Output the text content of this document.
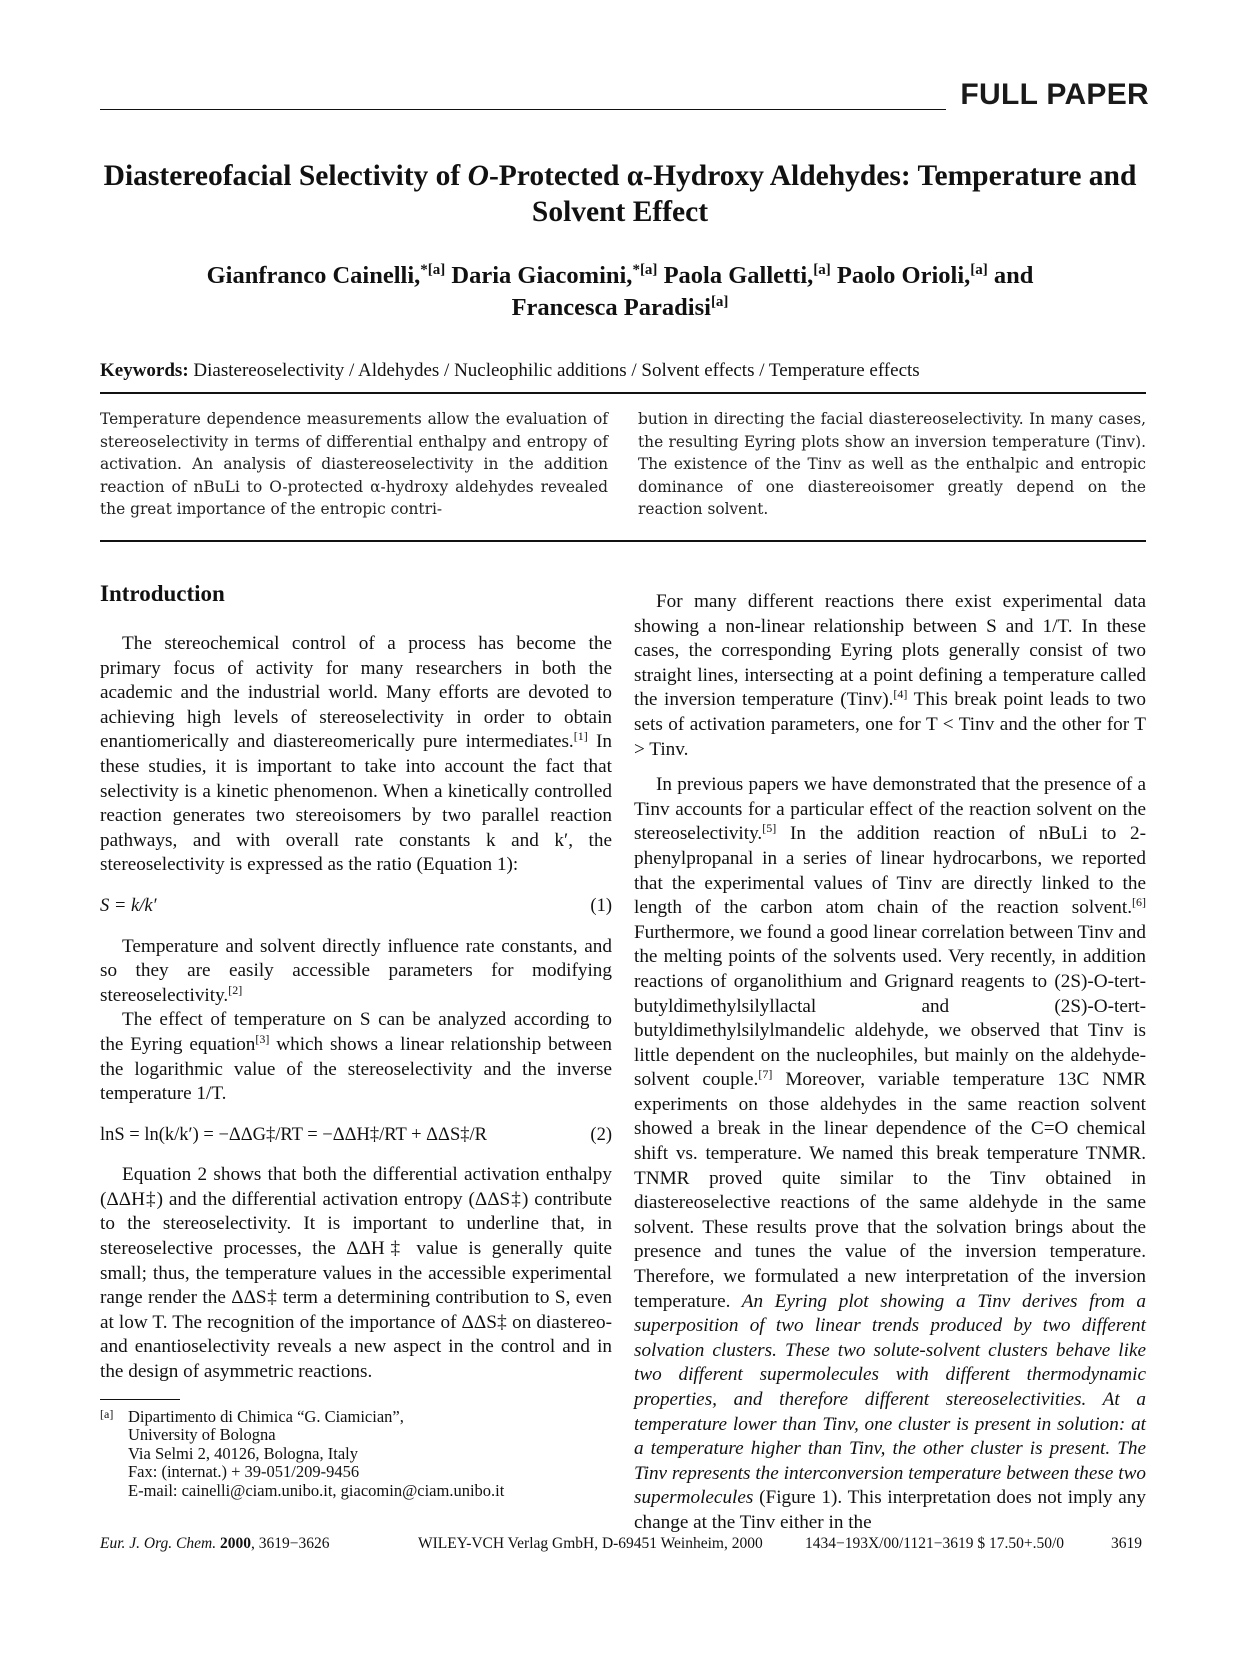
FULL PAPER
Diastereofacial Selectivity of O-Protected α-Hydroxy Aldehydes: Temperature and Solvent Effect
Gianfranco Cainelli,$^{*[a]}$ Daria Giacomini,$^{*[a]}$ Paola Galletti,[a] Paolo Orioli,[a] and
Francesca Paradisi[a]
Keywords: Diastereoselectivity / Aldehydes / Nucleophilic additions / Solvent effects / Temperature effects
Temperature dependence measurements allow the evaluation of stereoselectivity in terms of differential enthalpy and entropy of activation. An analysis of diastereoselectivity in the addition reaction of nBuLi to O-protected α-hydroxy aldehydes revealed the great importance of the entropic contri-
bution in directing the facial diastereoselectivity. In many cases, the resulting Eyring plots show an inversion temperature (Tinv). The existence of the Tinv as well as the enthalpic and entropic dominance of one diastereoisomer greatly depend on the reaction solvent.
Introduction

The stereochemical control of a process has become the primary focus of activity for many researchers in both the academic and the industrial world. Many efforts are devoted to achieving high levels of stereoselectivity in order to obtain enantiomerically and diastereomerically pure intermediates.[1] In these studies, it is important to take into account the fact that selectivity is a kinetic phenomenon. When a kinetically controlled reaction generates two stereoisomers by two parallel reaction pathways, and with overall rate constants k and k′, the stereoselectivity is expressed as the ratio (Equation 1):

S = k/k′	(1)

Temperature and solvent directly influence rate constants, and so they are easily accessible parameters for modifying stereoselectivity.[2]

The effect of temperature on S can be analyzed according to the Eyring equation[3] which shows a linear relationship between the logarithmic value of the stereoselectivity and the inverse temperature 1/T.

lnS = ln(k/k′) = −ΔΔG‡/RT = −ΔΔH‡/RT + ΔΔS‡/R	(2)

Equation 2 shows that both the differential activation enthalpy (ΔΔH‡) and the differential activation entropy (ΔΔS‡) contribute to the stereoselectivity. It is important to underline that, in stereoselective processes, the ΔΔH‡ value is generally quite small; thus, the temperature values in the accessible experimental range render the ΔΔS‡ term a determining contribution to S, even at low T. The recognition of the importance of ΔΔS‡ on diastereo- and enantioselectivity reveals a new aspect in the control and in the design of asymmetric reactions.

[a] Dipartimento di Chimica “G. Ciamician”,
University of Bologna
Via Selmi 2, 40126, Bologna, Italy
Fax: (internat.) + 39-051/209-9456
E-mail: cainelli@ciam.unibo.it, giacomin@ciam.unibo.it

For many different reactions there exist experimental data showing a non-linear relationship between S and 1/T. In these cases, the corresponding Eyring plots generally consist of two straight lines, intersecting at a point defining a temperature called the inversion temperature (Tinv).[4] This break point leads to two sets of activation parameters, one for T < Tinv and the other for T > Tinv.

In previous papers we have demonstrated that the presence of a Tinv accounts for a particular effect of the reaction solvent on the stereoselectivity.[5] In the addition reaction of nBuLi to 2-phenylpropanal in a series of linear hydrocarbons, we reported that the experimental values of Tinv are directly linked to the length of the carbon atom chain of the reaction solvent.[6] Furthermore, we found a good linear correlation between Tinv and the melting points of the solvents used. Very recently, in addition reactions of organolithium and Grignard reagents to (2S)-O-tert-butyldimethylsilyllactal and (2S)-O-tert-butyldimethylsilylmandelic aldehyde, we observed that Tinv is little dependent on the nucleophiles, but mainly on the aldehyde-solvent couple.[7] Moreover, variable temperature 13C NMR experiments on those aldehydes in the same reaction solvent showed a break in the linear dependence of the C=O chemical shift vs. temperature. We named this break temperature TNMR. TNMR proved quite similar to the Tinv obtained in diastereoselective reactions of the same aldehyde in the same solvent. These results prove that the solvation brings about the presence and tunes the value of the inversion temperature. Therefore, we formulated a new interpretation of the inversion temperature. An Eyring plot showing a Tinv derives from a superposition of two linear trends produced by two different solvation clusters. These two solute-solvent clusters behave like two different supermolecules with different thermodynamic properties, and therefore different stereoselectivities. At a temperature lower than Tinv, one cluster is present in solution: at a temperature higher than Tinv, the other cluster is present. The Tinv represents the interconversion temperature between these two supermolecules (Figure 1). This interpretation does not imply any change at the Tinv either in the

Eur. J. Org. Chem. 2000, 3619−3626	WILEY-VCH Verlag GmbH, D-69451 Weinheim, 2000	1434−193X/00/1121−3619 $ 17.50+.50/0	3619
